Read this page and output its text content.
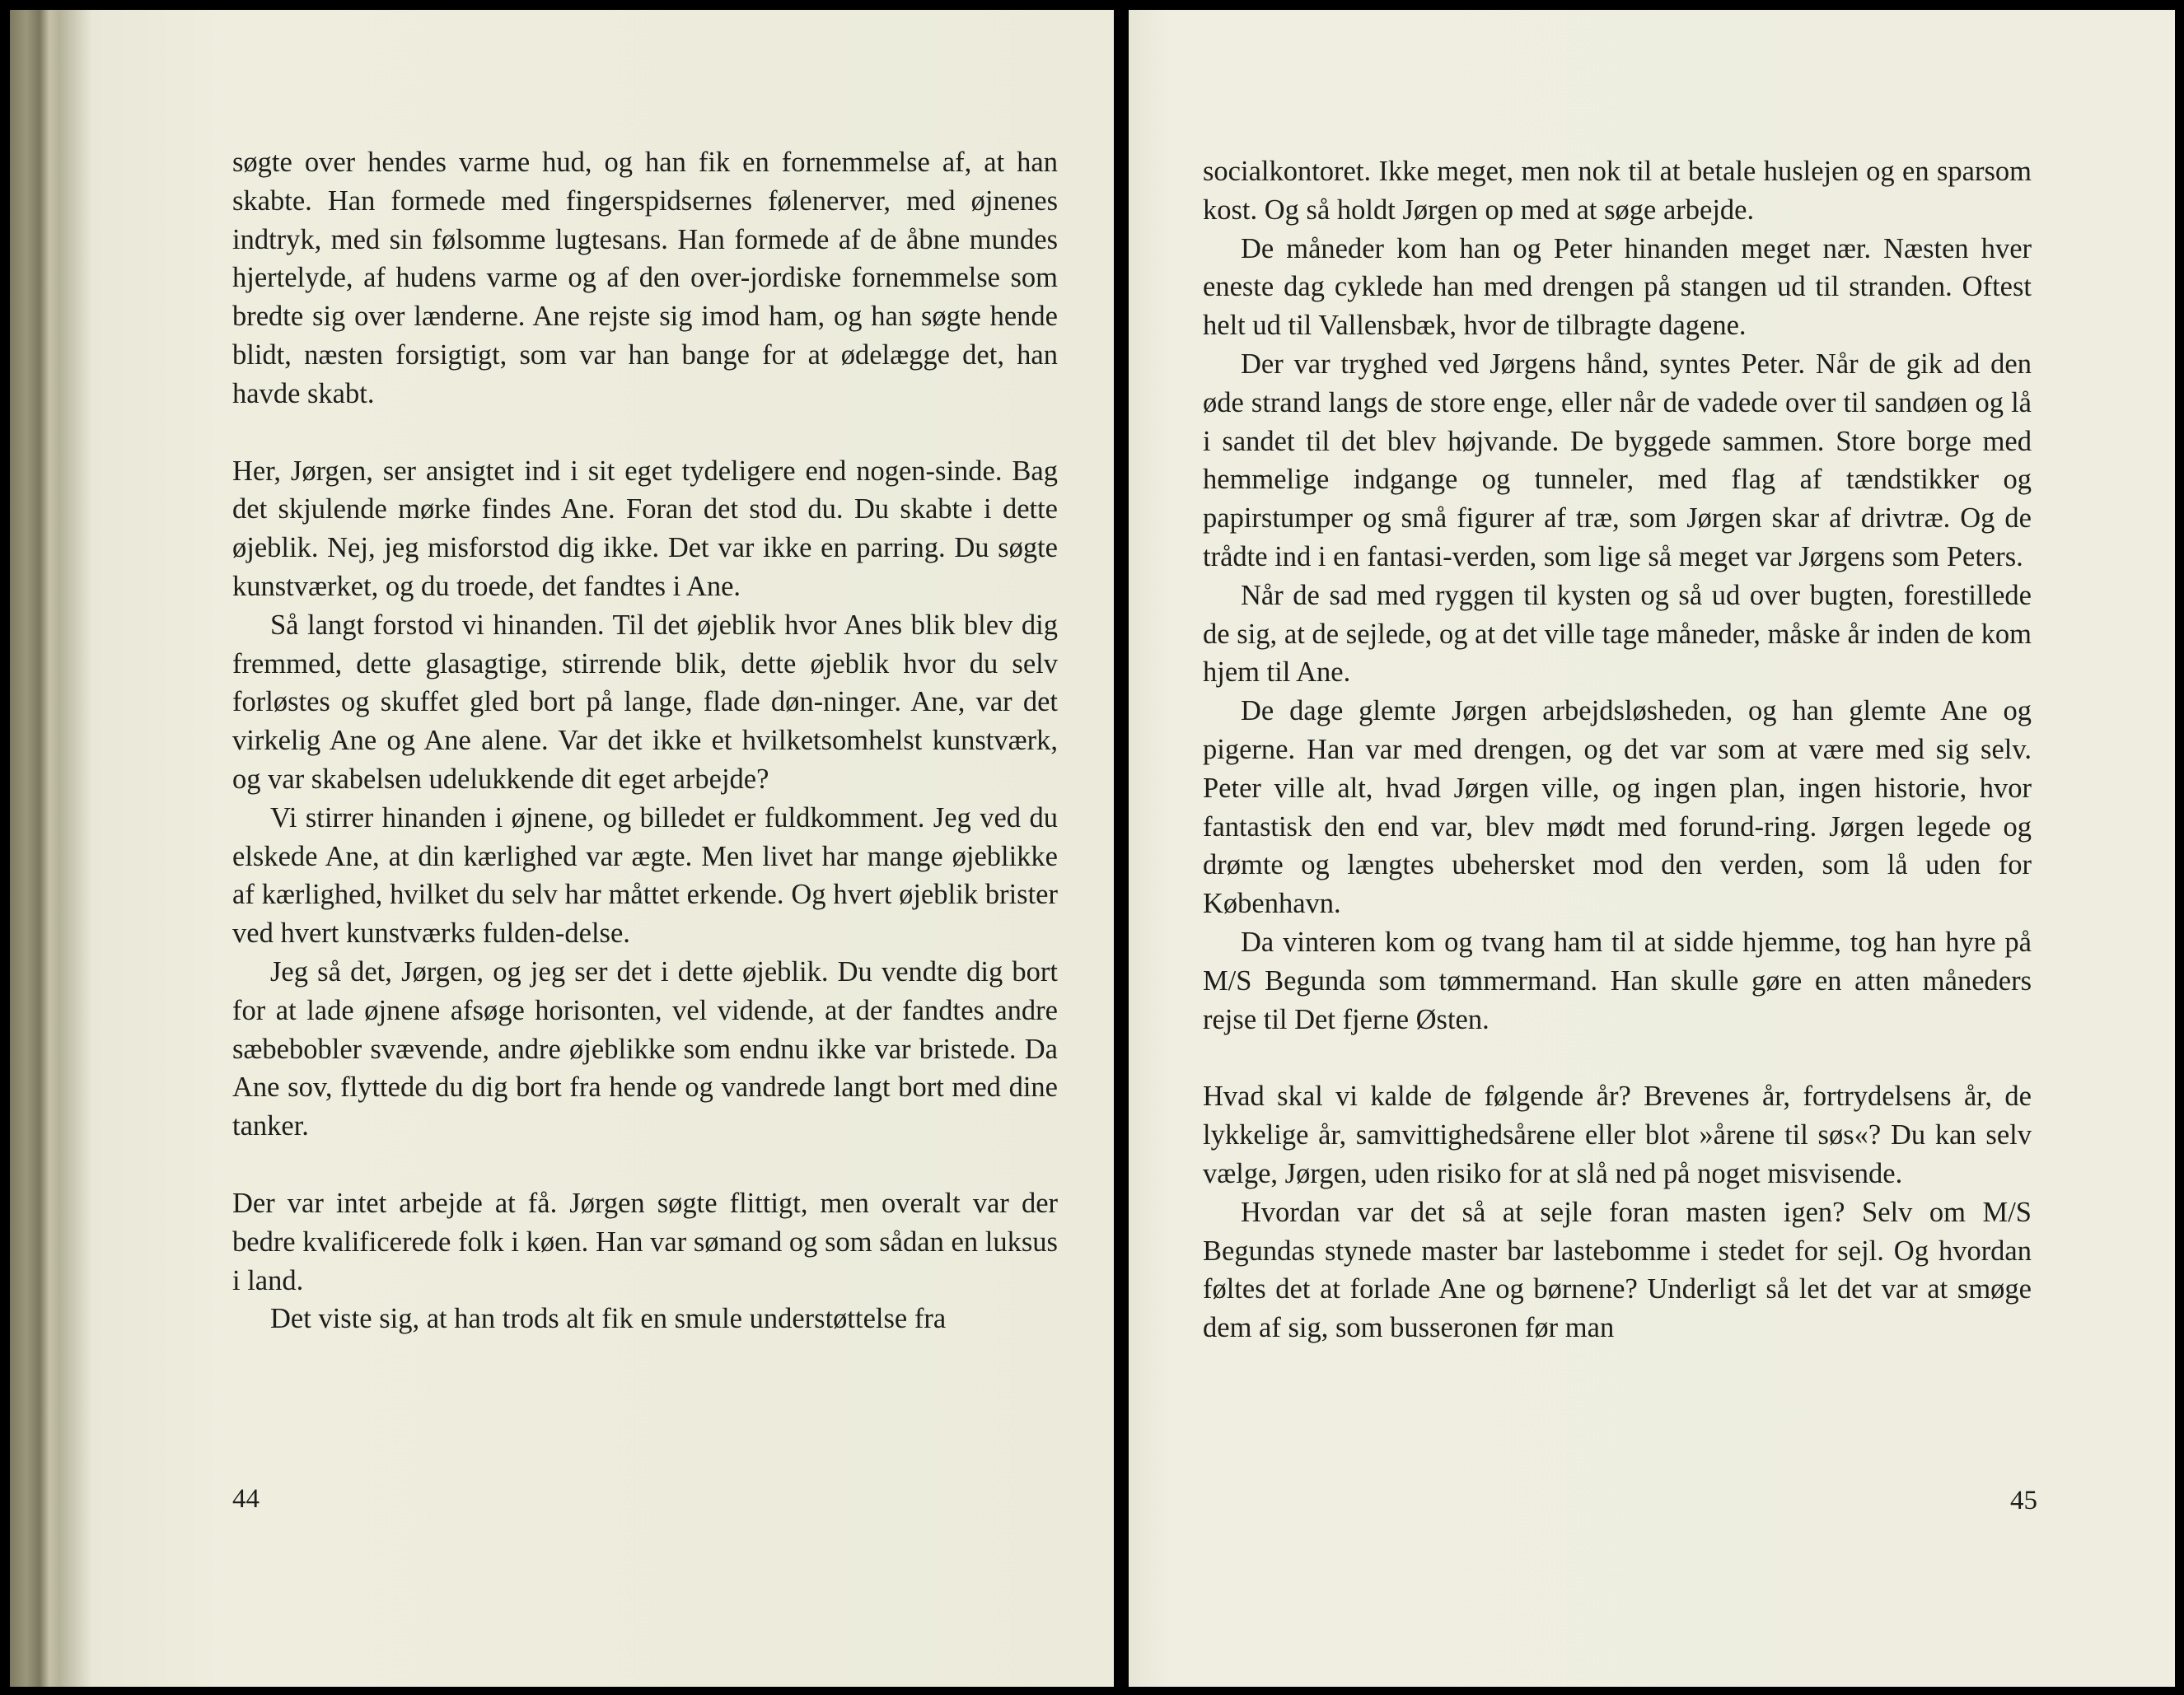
søgte over hendes varme hud, og han fik en fornemmelse af, at han skabte. Han formede med fingerspidsernes følenerver, med øjnenes indtryk, med sin følsomme lugtesans. Han formede af de åbne mundes hjertelyde, af hudens varme og af den over-jordiske fornemmelse som bredte sig over lænderne. Ane rejste sig imod ham, og han søgte hende blidt, næsten forsigtigt, som var han bange for at ødelægge det, han havde skabt.

Her, Jørgen, ser ansigtet ind i sit eget tydeligere end nogen-sinde. Bag det skjulende mørke findes Ane. Foran det stod du. Du skabte i dette øjeblik. Nej, jeg misforstod dig ikke. Det var ikke en parring. Du søgte kunstværket, og du troede, det fandtes i Ane.

Så langt forstod vi hinanden. Til det øjeblik hvor Anes blik blev dig fremmed, dette glasagtige, stirrende blik, dette øjeblik hvor du selv forløstes og skuffet gled bort på lange, flade døn-ninger. Ane, var det virkelig Ane og Ane alene. Var det ikke et hvilketsomhelst kunstværk, og var skabelsen udelukkende dit eget arbejde?

Vi stirrer hinanden i øjnene, og billedet er fuldkomment. Jeg ved du elskede Ane, at din kærlighed var ægte. Men livet har mange øjeblikke af kærlighed, hvilket du selv har måttet erkende. Og hvert øjeblik brister ved hvert kunstværks fulden-delse.

Jeg så det, Jørgen, og jeg ser det i dette øjeblik. Du vendte dig bort for at lade øjnene afsøge horisonten, vel vidende, at der fandtes andre sæbebobler svævende, andre øjeblikke som endnu ikke var bristede. Da Ane sov, flyttede du dig bort fra hende og vandrede langt bort med dine tanker.

Der var intet arbejde at få. Jørgen søgte flittigt, men overalt var der bedre kvalificerede folk i køen. Han var sømand og som sådan en luksus i land.

Det viste sig, at han trods alt fik en smule understøttelse fra

44

socialkontoret. Ikke meget, men nok til at betale huslejen og en sparsom kost. Og så holdt Jørgen op med at søge arbejde.

De måneder kom han og Peter hinanden meget nær. Næsten hver eneste dag cyklede han med drengen på stangen ud til stranden. Oftest helt ud til Vallensbæk, hvor de tilbragte dagene.

Der var tryghed ved Jørgens hånd, syntes Peter. Når de gik ad den øde strand langs de store enge, eller når de vadede over til sandøen og lå i sandet til det blev højvande. De byggede sammen. Store borge med hemmelige indgange og tunneler, med flag af tændstikker og papirstumper og små figurer af træ, som Jørgen skar af drivtræ. Og de trådte ind i en fantasi-verden, som lige så meget var Jørgens som Peters.

Når de sad med ryggen til kysten og så ud over bugten, forestillede de sig, at de sejlede, og at det ville tage måneder, måske år inden de kom hjem til Ane.

De dage glemte Jørgen arbejdsløsheden, og han glemte Ane og pigerne. Han var med drengen, og det var som at være med sig selv. Peter ville alt, hvad Jørgen ville, og ingen plan, ingen historie, hvor fantastisk den end var, blev mødt med forund-ring. Jørgen legede og drømte og længtes ubehersket mod den verden, som lå uden for København.

Da vinteren kom og tvang ham til at sidde hjemme, tog han hyre på M/S Begunda som tømmermand. Han skulle gøre en atten måneders rejse til Det fjerne Østen.

Hvad skal vi kalde de følgende år? Brevenes år, fortrydelsens år, de lykkelige år, samvittighedsårene eller blot »årene til søs«? Du kan selv vælge, Jørgen, uden risiko for at slå ned på noget misvisende.

Hvordan var det så at sejle foran masten igen? Selv om M/S Begundas stynede master bar lastebomme i stedet for sejl. Og hvordan føltes det at forlade Ane og børnene? Underligt så let det var at smøge dem af sig, som busseronen før man

45
